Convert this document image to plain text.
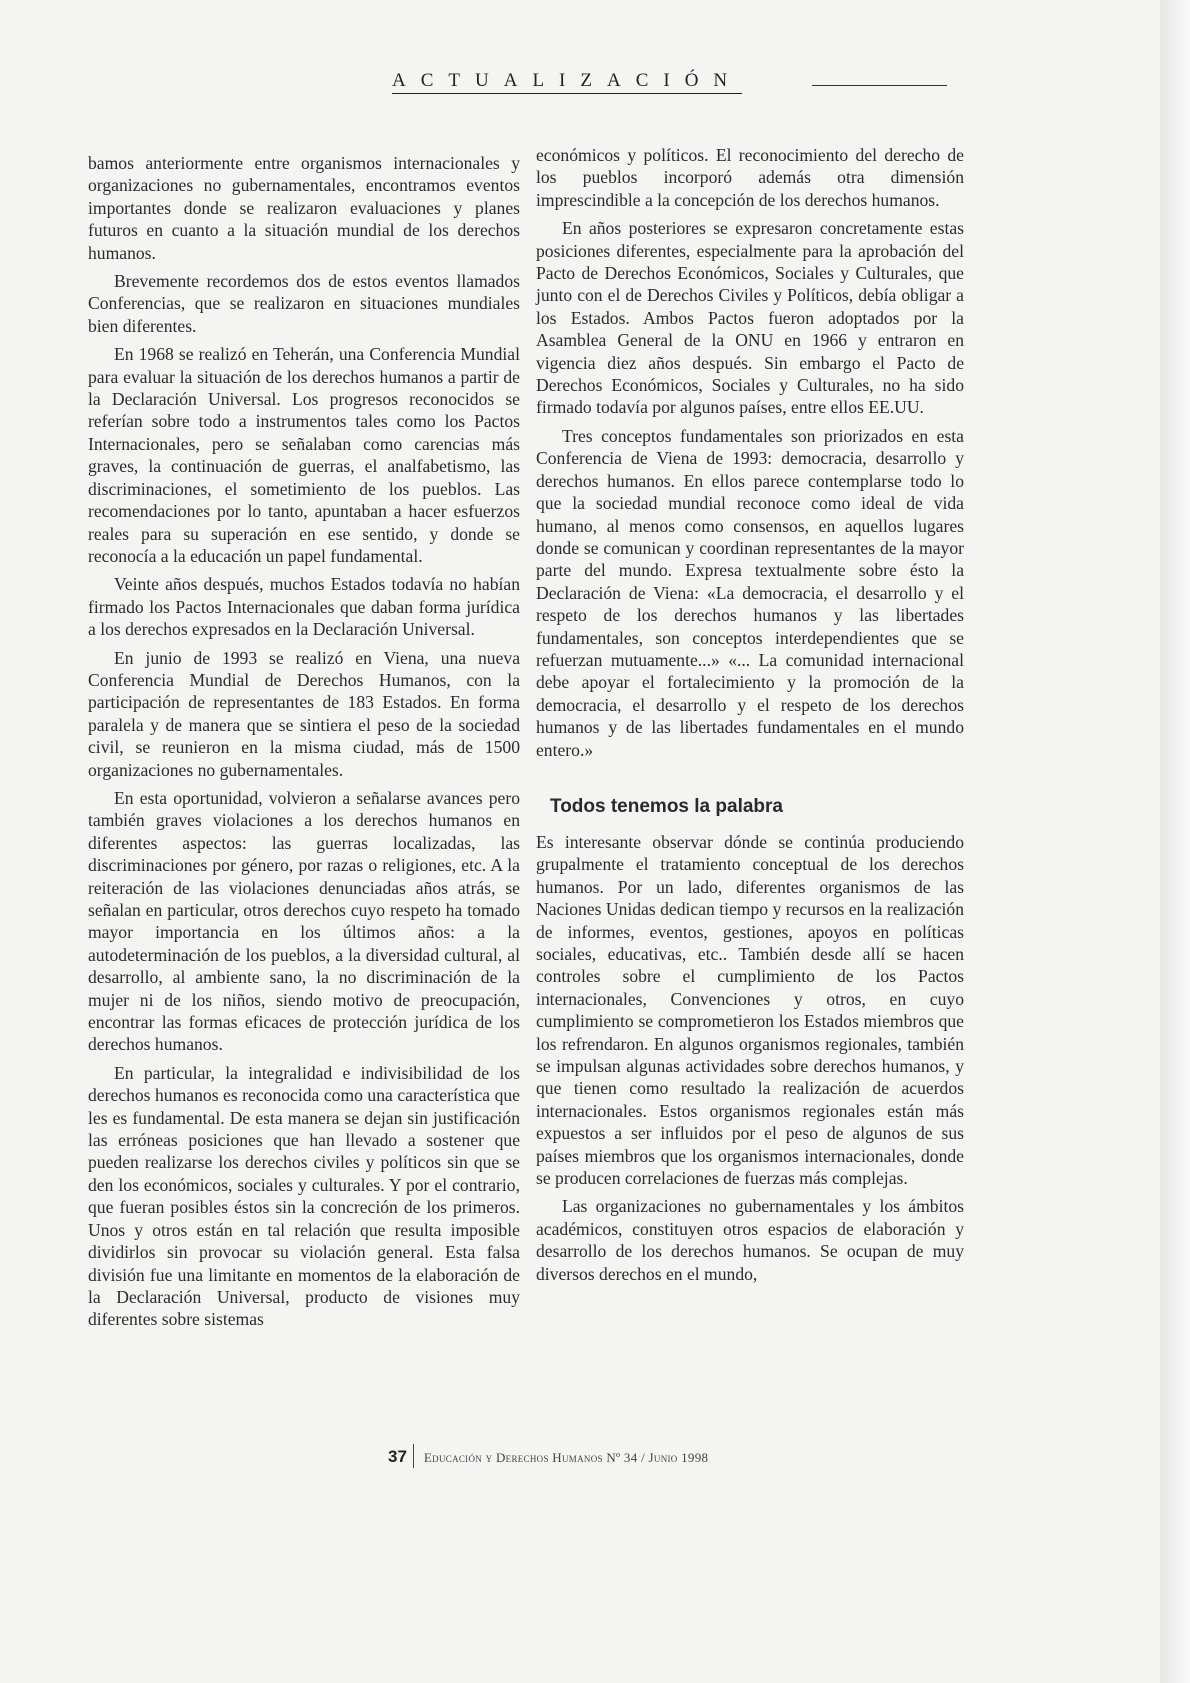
ACTUALIZACIÓN

bamos anteriormente entre organismos internacionales y organizaciones no gubernamentales, encontramos eventos importantes donde se realizaron evaluaciones y planes futuros en cuanto a la situación mundial de los derechos humanos.

Brevemente recordemos dos de estos eventos llamados Conferencias, que se realizaron en situaciones mundiales bien diferentes.

En 1968 se realizó en Teherán, una Conferencia Mundial para evaluar la situación de los derechos humanos a partir de la Declaración Universal. Los progresos reconocidos se referían sobre todo a instrumentos tales como los Pactos Internacionales, pero se señalaban como carencias más graves, la continuación de guerras, el analfabetismo, las discriminaciones, el sometimiento de los pueblos. Las recomendaciones por lo tanto, apuntaban a hacer esfuerzos reales para su superación en ese sentido, y donde se reconocía a la educación un papel fundamental.

Veinte años después, muchos Estados todavía no habían firmado los Pactos Internacionales que daban forma jurídica a los derechos expresados en la Declaración Universal.

En junio de 1993 se realizó en Viena, una nueva Conferencia Mundial de Derechos Humanos, con la participación de representantes de 183 Estados. En forma paralela y de manera que se sintiera el peso de la sociedad civil, se reunieron en la misma ciudad, más de 1500 organizaciones no gubernamentales.

En esta oportunidad, volvieron a señalarse avances pero también graves violaciones a los derechos humanos en diferentes aspectos: las guerras localizadas, las discriminaciones por género, por razas o religiones, etc. A la reiteración de las violaciones denunciadas años atrás, se señalan en particular, otros derechos cuyo respeto ha tomado mayor importancia en los últimos años: a la autodeterminación de los pueblos, a la diversidad cultural, al desarrollo, al ambiente sano, la no discriminación de la mujer ni de los niños, siendo motivo de preocupación, encontrar las formas eficaces de protección jurídica de los derechos humanos.

En particular, la integralidad e indivisibilidad de los derechos humanos es reconocida como una característica que les es fundamental. De esta manera se dejan sin justificación las erróneas posiciones que han llevado a sostener que pueden realizarse los derechos civiles y políticos sin que se den los económicos, sociales y culturales. Y por el contrario, que fueran posibles éstos sin la concreción de los primeros. Unos y otros están en tal relación que resulta imposible dividirlos sin provocar su violación general. Esta falsa división fue una limitante en momentos de la elaboración de la Declaración Universal, producto de visiones muy diferentes sobre sistemas

económicos y políticos. El reconocimiento del derecho de los pueblos incorporó además otra dimensión imprescindible a la concepción de los derechos humanos.

En años posteriores se expresaron concretamente estas posiciones diferentes, especialmente para la aprobación del Pacto de Derechos Económicos, Sociales y Culturales, que junto con el de Derechos Civiles y Políticos, debía obligar a los Estados. Ambos Pactos fueron adoptados por la Asamblea General de la ONU en 1966 y entraron en vigencia diez años después. Sin embargo el Pacto de Derechos Económicos, Sociales y Culturales, no ha sido firmado todavía por algunos países, entre ellos EE.UU.

Tres conceptos fundamentales son priorizados en esta Conferencia de Viena de 1993: democracia, desarrollo y derechos humanos. En ellos parece contemplarse todo lo que la sociedad mundial reconoce como ideal de vida humano, al menos como consensos, en aquellos lugares donde se comunican y coordinan representantes de la mayor parte del mundo. Expresa textualmente sobre ésto la Declaración de Viena: «La democracia, el desarrollo y el respeto de los derechos humanos y las libertades fundamentales, son conceptos interdependientes que se refuerzan mutuamente...» «... La comunidad internacional debe apoyar el fortalecimiento y la promoción de la democracia, el desarrollo y el respeto de los derechos humanos y de las libertades fundamentales en el mundo entero.»

Todos tenemos la palabra

Es interesante observar dónde se continúa produciendo grupalmente el tratamiento conceptual de los derechos humanos. Por un lado, diferentes organismos de las Naciones Unidas dedican tiempo y recursos en la realización de informes, eventos, gestiones, apoyos en políticas sociales, educativas, etc.. También desde allí se hacen controles sobre el cumplimiento de los Pactos internacionales, Convenciones y otros, en cuyo cumplimiento se comprometieron los Estados miembros que los refrendaron. En algunos organismos regionales, también se impulsan algunas actividades sobre derechos humanos, y que tienen como resultado la realización de acuerdos internacionales. Estos organismos regionales están más expuestos a ser influidos por el peso de algunos de sus países miembros que los organismos internacionales, donde se producen correlaciones de fuerzas más complejas.

Las organizaciones no gubernamentales y los ámbitos académicos, constituyen otros espacios de elaboración y desarrollo de los derechos humanos. Se ocupan de muy diversos derechos en el mundo,

37 Educación y Derechos Humanos Nº 34 / Junio 1998
